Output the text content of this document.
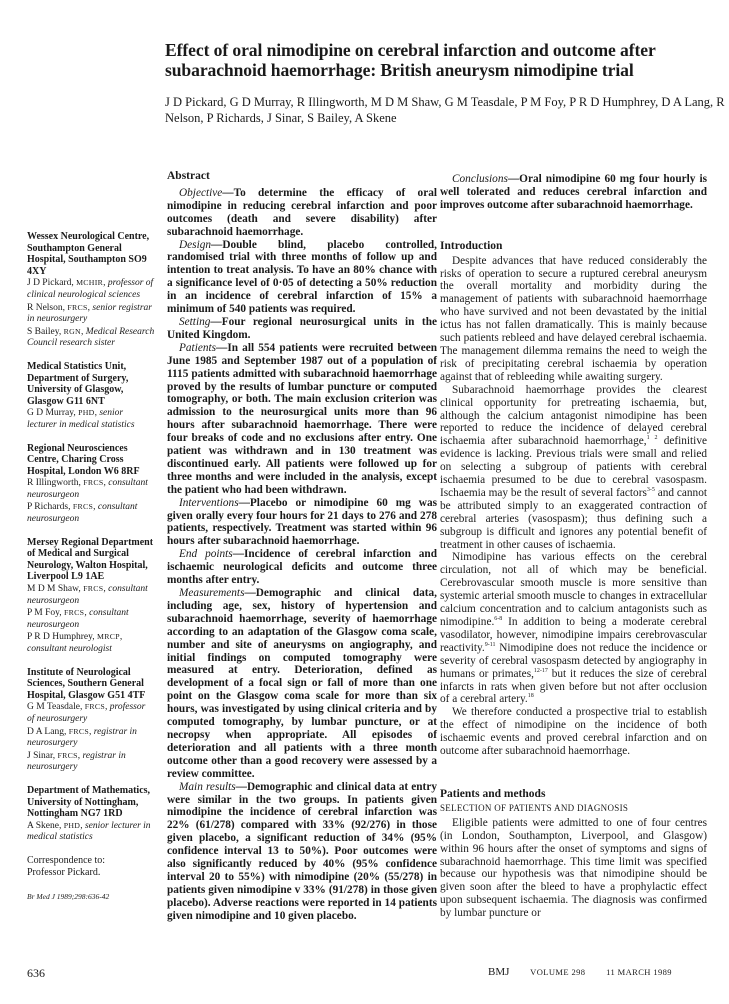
Effect of oral nimodipine on cerebral infarction and outcome after subarachnoid haemorrhage: British aneurysm nimodipine trial
J D Pickard, G D Murray, R Illingworth, M D M Shaw, G M Teasdale, P M Foy, P R D Humphrey, D A Lang, R Nelson, P Richards, J Sinar, S Bailey, A Skene
Wessex Neurological Centre, Southampton General Hospital, Southampton SO9 4XY
J D Pickard, MCHIR, professor of clinical neurological sciences
R Nelson, FRCS, senior registrar in neurosurgery
S Bailey, RGN, Medical Research Council research sister
Medical Statistics Unit, Department of Surgery, University of Glasgow, Glasgow G11 6NT
G D Murray, PHD, senior lecturer in medical statistics
Regional Neurosciences Centre, Charing Cross Hospital, London W6 8RF
R Illingworth, FRCS, consultant neurosurgeon
P Richards, FRCS, consultant neurosurgeon
Mersey Regional Department of Medical and Surgical Neurology, Walton Hospital, Liverpool L9 1AE
M D M Shaw, FRCS, consultant neurosurgeon
P M Foy, FRCS, consultant neurosurgeon
P R D Humphrey, MRCP, consultant neurologist
Institute of Neurological Sciences, Southern General Hospital, Glasgow G51 4TF
G M Teasdale, FRCS, professor of neurosurgery
D A Lang, FRCS, registrar in neurosurgery
J Sinar, FRCS, registrar in neurosurgery
Department of Mathematics, University of Nottingham, Nottingham NG7 1RD
A Skene, PHD, senior lecturer in medical statistics
Correspondence to:
Professor Pickard.
Br Med J 1989;298:636-42
Abstract

Objective—To determine the efficacy of oral nimodipine in reducing cerebral infarction and poor outcomes (death and severe disability) after subarachnoid haemorrhage.

Design—Double blind, placebo controlled, randomised trial with three months of follow up and intention to treat analysis. To have an 80% chance with a significance level of 0·05 of detecting a 50% reduction in an incidence of cerebral infarction of 15% a minimum of 540 patients was required.

Setting—Four regional neurosurgical units in the United Kingdom.

Patients—In all 554 patients were recruited between June 1985 and September 1987 out of a population of 1115 patients admitted with subarachnoid haemorrhage proved by the results of lumbar puncture or computed tomography, or both. The main exclusion criterion was admission to the neurosurgical units more than 96 hours after subarachnoid haemorrhage. There were four breaks of code and no exclusions after entry. One patient was withdrawn and in 130 treatment was discontinued early. All patients were followed up for three months and were included in the analysis, except the patient who had been withdrawn.

Interventions—Placebo or nimodipine 60 mg was given orally every four hours for 21 days to 276 and 278 patients, respectively. Treatment was started within 96 hours after subarachnoid haemorrhage.

End points—Incidence of cerebral infarction and ischaemic neurological deficits and outcome three months after entry.

Measurements—Demographic and clinical data, including age, sex, history of hypertension and subarachnoid haemorrhage, severity of haemorrhage according to an adaptation of the Glasgow coma scale, number and site of aneurysms on angiography, and initial findings on computed tomography were measured at entry. Deterioration, defined as development of a focal sign or fall of more than one point on the Glasgow coma scale for more than six hours, was investigated by using clinical criteria and by computed tomography, by lumbar puncture, or at necropsy when appropriate. All episodes of deterioration and all patients with a three month outcome other than a good recovery were assessed by a review committee.

Main results—Demographic and clinical data at entry were similar in the two groups. In patients given nimodipine the incidence of cerebral infarction was 22% (61/278) compared with 33% (92/276) in those given placebo, a significant reduction of 34% (95% confidence interval 13 to 50%). Poor outcomes were also significantly reduced by 40% (95% confidence interval 20 to 55%) with nimodipine (20% (55/278) in patients given nimodipine v 33% (91/278) in those given placebo). Adverse reactions were reported in 14 patients given nimodipine and 10 given placebo.

Conclusions—Oral nimodipine 60 mg four hourly is well tolerated and reduces cerebral infarction and improves outcome after subarachnoid haemorrhage.

Introduction

Despite advances that have reduced considerably the risks of operation to secure a ruptured cerebral aneurysm the overall mortality and morbidity during the management of patients with subarachnoid haemorrhage who have survived and not been devastated by the initial ictus has not fallen dramatically. This is mainly because such patients rebleed and have delayed cerebral ischaemia. The management dilemma remains the need to weigh the risk of precipitating cerebral ischaemia by operation against that of rebleeding while awaiting surgery.

Subarachnoid haemorrhage provides the clearest clinical opportunity for pretreating ischaemia, but, although the calcium antagonist nimodipine has been reported to reduce the incidence of delayed cerebral ischaemia after subarachnoid haemorrhage,$^{1 2}$ definitive evidence is lacking. Previous trials were small and relied on selecting a subgroup of patients with cerebral ischaemia presumed to be due to cerebral vasospasm. Ischaemia may be the result of several factors$^{3-5}$ and cannot be attributed simply to an exaggerated contraction of cerebral arteries (vasospasm); thus defining such a subgroup is difficult and ignores any potential benefit of treatment in other causes of ischaemia.

Nimodipine has various effects on the cerebral circulation, not all of which may be beneficial. Cerebrovascular smooth muscle is more sensitive than systemic arterial smooth muscle to changes in extracellular calcium concentration and to calcium antagonists such as nimodipine.$^{6-8}$ In addition to being a moderate cerebral vasodilator, however, nimodipine impairs cerebrovascular reactivity.$^{9-11}$ Nimodipine does not reduce the incidence or severity of cerebral vasospasm detected by angiography in humans or primates,$^{12-17}$ but it reduces the size of cerebral infarcts in rats when given before but not after occlusion of a cerebral artery.$^{18}$

We therefore conducted a prospective trial to establish the effect of nimodipine on the incidence of both ischaemic events and proved cerebral infarction and on outcome after subarachnoid haemorrhage.

Patients and methods
SELECTION OF PATIENTS AND DIAGNOSIS

Eligible patients were admitted to one of four centres (in London, Southampton, Liverpool, and Glasgow) within 96 hours after the onset of symptoms and signs of subarachnoid haemorrhage. This time limit was specified because our hypothesis was that nimodipine should be given soon after the bleed to have a prophylactic effect upon subsequent ischaemia. The diagnosis was confirmed by lumbar puncture or

636	BMJ VOLUME 298 11 MARCH 1989
